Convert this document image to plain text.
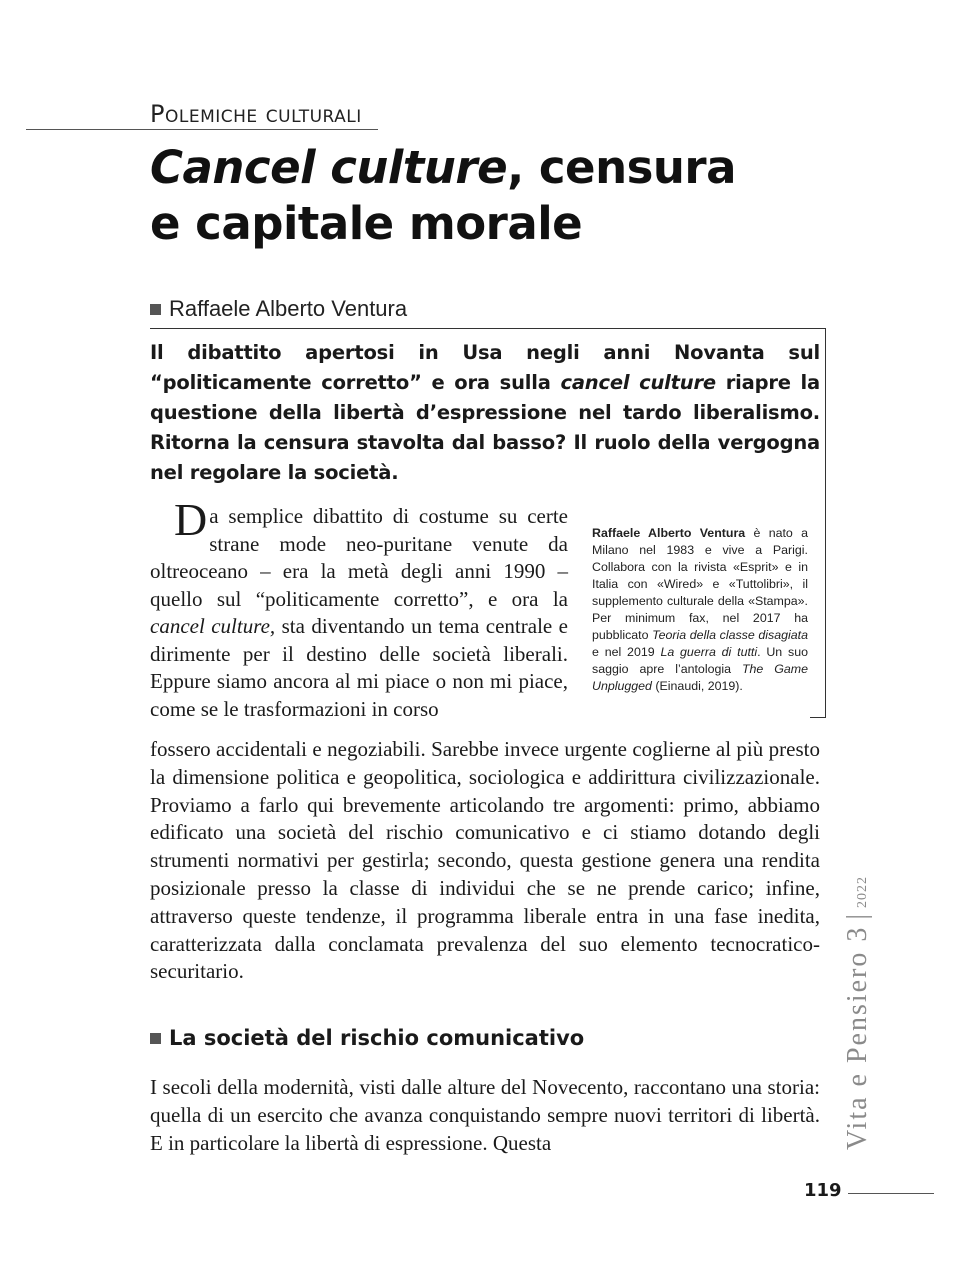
Polemiche culturali
Cancel culture, censura
e capitale morale
Raffaele Alberto Ventura

Il dibattito apertosi in Usa negli anni Novanta sul “politicamente corretto” e ora sulla cancel culture riapre la questione della libertà d’espressione nel tardo liberalismo. Ritorna la censura stavolta dal basso? Il ruolo della vergogna nel regolare la società.

Da semplice dibattito di costume su certe strane mode neo-puritane venute da oltreoceano – era la metà degli anni 1990 – quello sul “politicamente corretto”, e ora la cancel culture, sta diventando un tema centrale e dirimente per il destino delle società liberali. Eppure siamo ancora al mi piace o non mi piace, come se le trasformazioni in corso

Raffaele Alberto Ventura è nato a Milano nel 1983 e vive a Parigi. Collabora con la rivista «Esprit» e in Italia con «Wired» e «Tuttolibri», il supplemento culturale della «Stampa». Per minimum fax, nel 2017 ha pubblicato Teoria della classe disagiata e nel 2019 La guerra di tutti. Un suo saggio apre l’antologia The Game Unplugged (Einaudi, 2019).

fossero accidentali e negoziabili. Sarebbe invece urgente coglierne al più presto la dimensione politica e geopolitica, sociologica e addirittura civilizzazionale. Proviamo a farlo qui brevemente articolando tre argomenti: primo, abbiamo edificato una società del rischio comunicativo e ci stiamo dotando degli strumenti normativi per gestirla; secondo, questa gestione genera una rendita posizionale presso la classe di individui che se ne prende carico; infine, attraverso queste tendenze, il programma liberale entra in una fase inedita, caratterizzata dalla conclamata prevalenza del suo elemento tecnocratico-securitario.

La società del rischio comunicativo

I secoli della modernità, visti dalle alture del Novecento, raccontano una storia: quella di un esercito che avanza conquistando sempre nuovi territori di libertà. E in particolare la libertà di espressione. Questa	Vita e Pensiero 3
|
2022
119
